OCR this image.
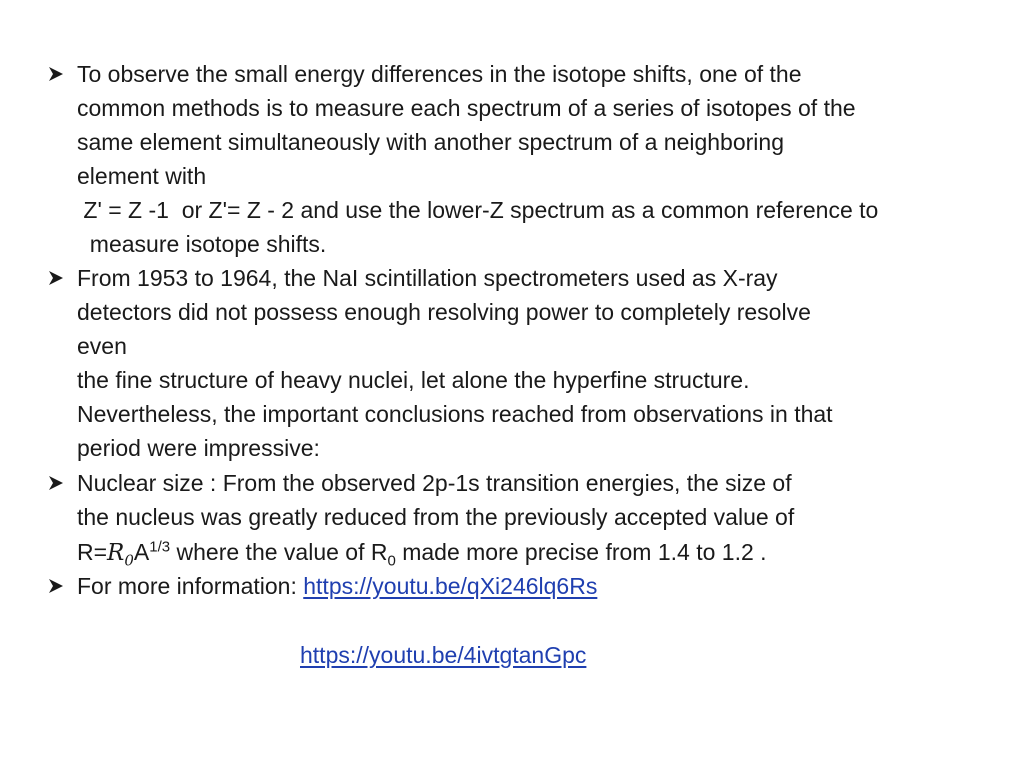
To observe the small energy differences in the isotope shifts, one of the
common methods is to measure each spectrum of a series of isotopes of the
same element simultaneously with another spectrum of a neighboring
element with
Z' = Z -1  or Z'= Z - 2 and use the lower-Z spectrum as a common reference to
measure isotope shifts.
From 1953 to 1964, the NaI scintillation spectrometers used as X-ray
detectors did not possess enough resolving power to completely resolve
even
the fine structure of heavy nuclei, let alone the hyperfine structure.
Nevertheless, the important conclusions reached from observations in that
period were impressive:
Nuclear size : From the observed 2p-1s transition energies, the size of
the nucleus was greatly reduced from the previously accepted value of
$R=R_0A^{1/3}$ where the value of $R_0$ made more precise from 1.4 to 1.2 .
For more information: https://youtu.be/qXi246lq6Rs
https://youtu.be/4ivtgtanGpc
